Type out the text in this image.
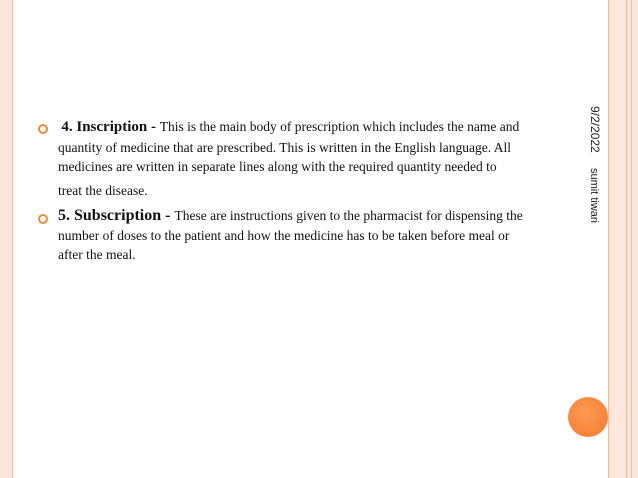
9/2/2022
sumit tiwari
4. Inscription - This is the main body of prescription which includes the name and
quantity of medicine that are prescribed. This is written in the English language. All
medicines are written in separate lines along with the required quantity needed to
treat the disease.
5. Subscription - These are instructions given to the pharmacist for dispensing the
number of doses to the patient and how the medicine has to be taken before meal or
after the meal.
